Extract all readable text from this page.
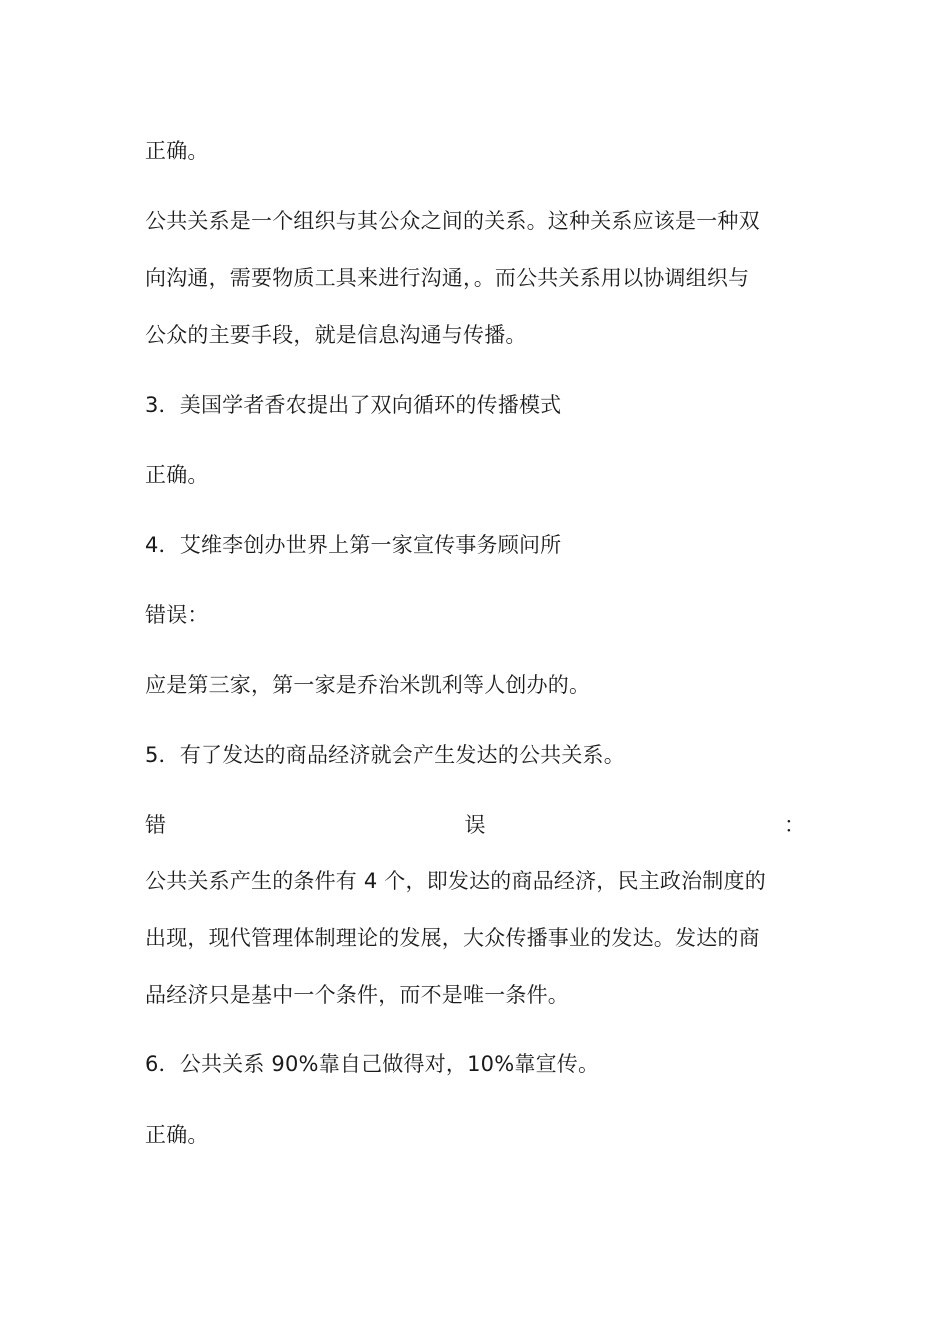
正确。
公共关系是一个组织与其公众之间的关系。这种关系应该是一种双
向沟通，需要物质工具来进行沟通，。而公共关系用以协调组织与
公众的主要手段，就是信息沟通与传播。
3．美国学者香农提出了双向循环的传播模式
正确。
4．艾维李创办世界上第一家宣传事务顾问所
错误：
应是第三家，第一家是乔治米凯利等人创办的。
5．有了发达的商品经济就会产生发达的公共关系。
错	误	：
公共关系产生的条件有 4 个，即发达的商品经济，民主政治制度的
出现，现代管理体制理论的发展，大众传播事业的发达。发达的商
品经济只是基中一个条件，而不是唯一条件。
6．公共关系 90%靠自己做得对，10%靠宣传。
正确。
